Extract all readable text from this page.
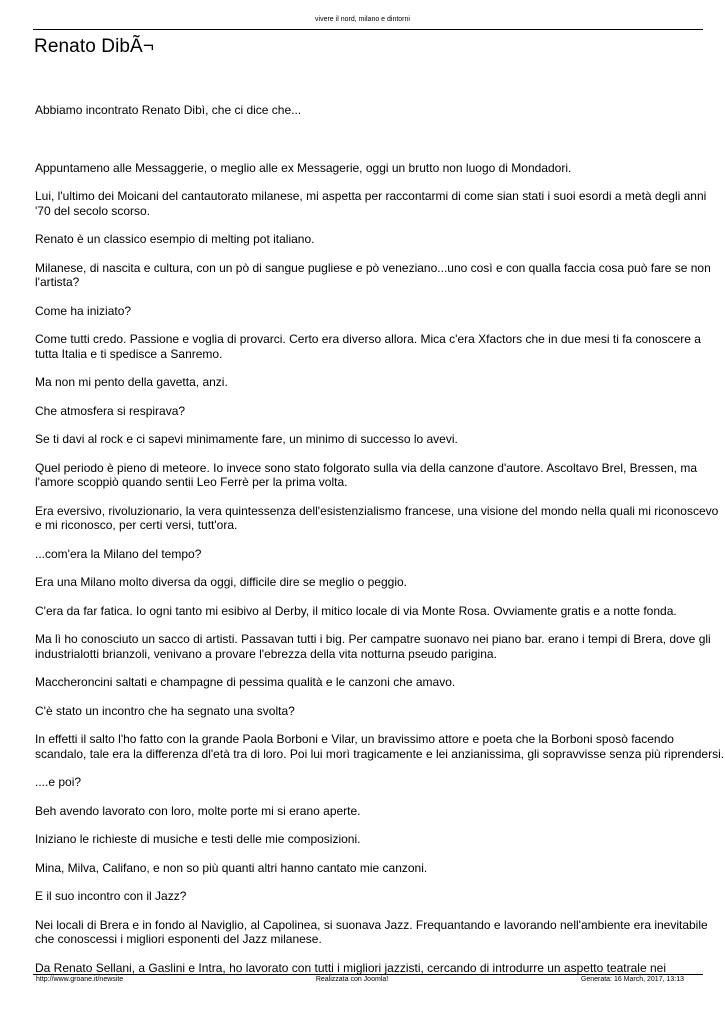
vivere il nord, milano e dintorni
Renato DibÃ¬

Abbiamo incontrato Renato Dibì, che ci dice che...

Appuntameno alle Messaggerie, o meglio alle ex Messagerie, oggi un brutto non luogo di Mondadori.

Lui, l'ultimo dei Moicani del cantautorato milanese, mi aspetta per raccontarmi di come sian stati i suoi esordi a metà degli anni '70 del secolo scorso.

Renato è un classico esempio di melting pot italiano.

Milanese, di nascita e cultura, con un pò di sangue pugliese e pò veneziano...uno così e con qualla faccia cosa può fare se non l'artista?

Come ha iniziato?

Come tutti credo. Passione e voglia di provarci. Certo era diverso allora. Mica c'era Xfactors che in due mesi ti fa conoscere a tutta Italia e ti spedisce a Sanremo.

Ma non mi pento della gavetta, anzi.

Che atmosfera si respirava?

Se ti davi al rock e ci sapevi minimamente fare, un minimo di successo lo avevi.

Quel periodo è pieno di meteore. Io invece sono stato folgorato sulla via della canzone d'autore. Ascoltavo Brel, Bressen, ma l'amore scoppiò quando sentii Leo Ferrè per la prima volta.

Era eversivo, rivoluzionario, la vera quintessenza dell'esistenzialismo francese, una visione del mondo nella quali mi riconoscevo e mi riconosco, per certi versi, tutt'ora.

...com'era la Milano del tempo?

Era una Milano molto diversa da oggi, difficile dire se meglio o peggio.

C'era da far fatica. Io ogni tanto mi esibivo al Derby, il mitico locale di via Monte Rosa. Ovviamente gratis e a notte fonda.

Ma lì ho conosciuto un sacco di artisti. Passavan tutti i big. Per campatre suonavo nei piano bar. erano i tempi di Brera, dove gli industrialotti brianzoli, venivano a provare l'ebrezza della vita notturna pseudo parigina.

Maccheroncini saltati e champagne di pessima qualità e le canzoni che amavo.

C'è stato un incontro che ha segnato una svolta?

In effetti il salto l'ho fatto con la grande Paola Borboni e Vilar, un bravissimo attore e poeta che la Borboni sposò facendo scandalo, tale era la differenza dl'età tra di loro. Poi lui morì tragicamente e lei anzianissima, gli sopravvisse senza più riprendersi.

....e poi?

Beh avendo lavorato con loro, molte porte mi si erano aperte.

Iniziano le richieste di musiche e testi delle mie composizioni.

Mina, Milva, Califano, e non so più quanti altri hanno cantato mie canzoni.

E il suo incontro con il Jazz?

Nei locali di Brera e in fondo al Naviglio, al Capolinea, si suonava Jazz. Frequantando e lavorando nell'ambiente era inevitabile che conoscessi i migliori esponenti del Jazz milanese.

Da Renato Sellani, a Gaslini e Intra, ho lavorato con tutti i migliori jazzisti, cercando di introdurre un aspetto teatrale nei

http://www.groane.it/newsite	Realizzata con Joomla!	Generata: 16 March, 2017, 13:13
